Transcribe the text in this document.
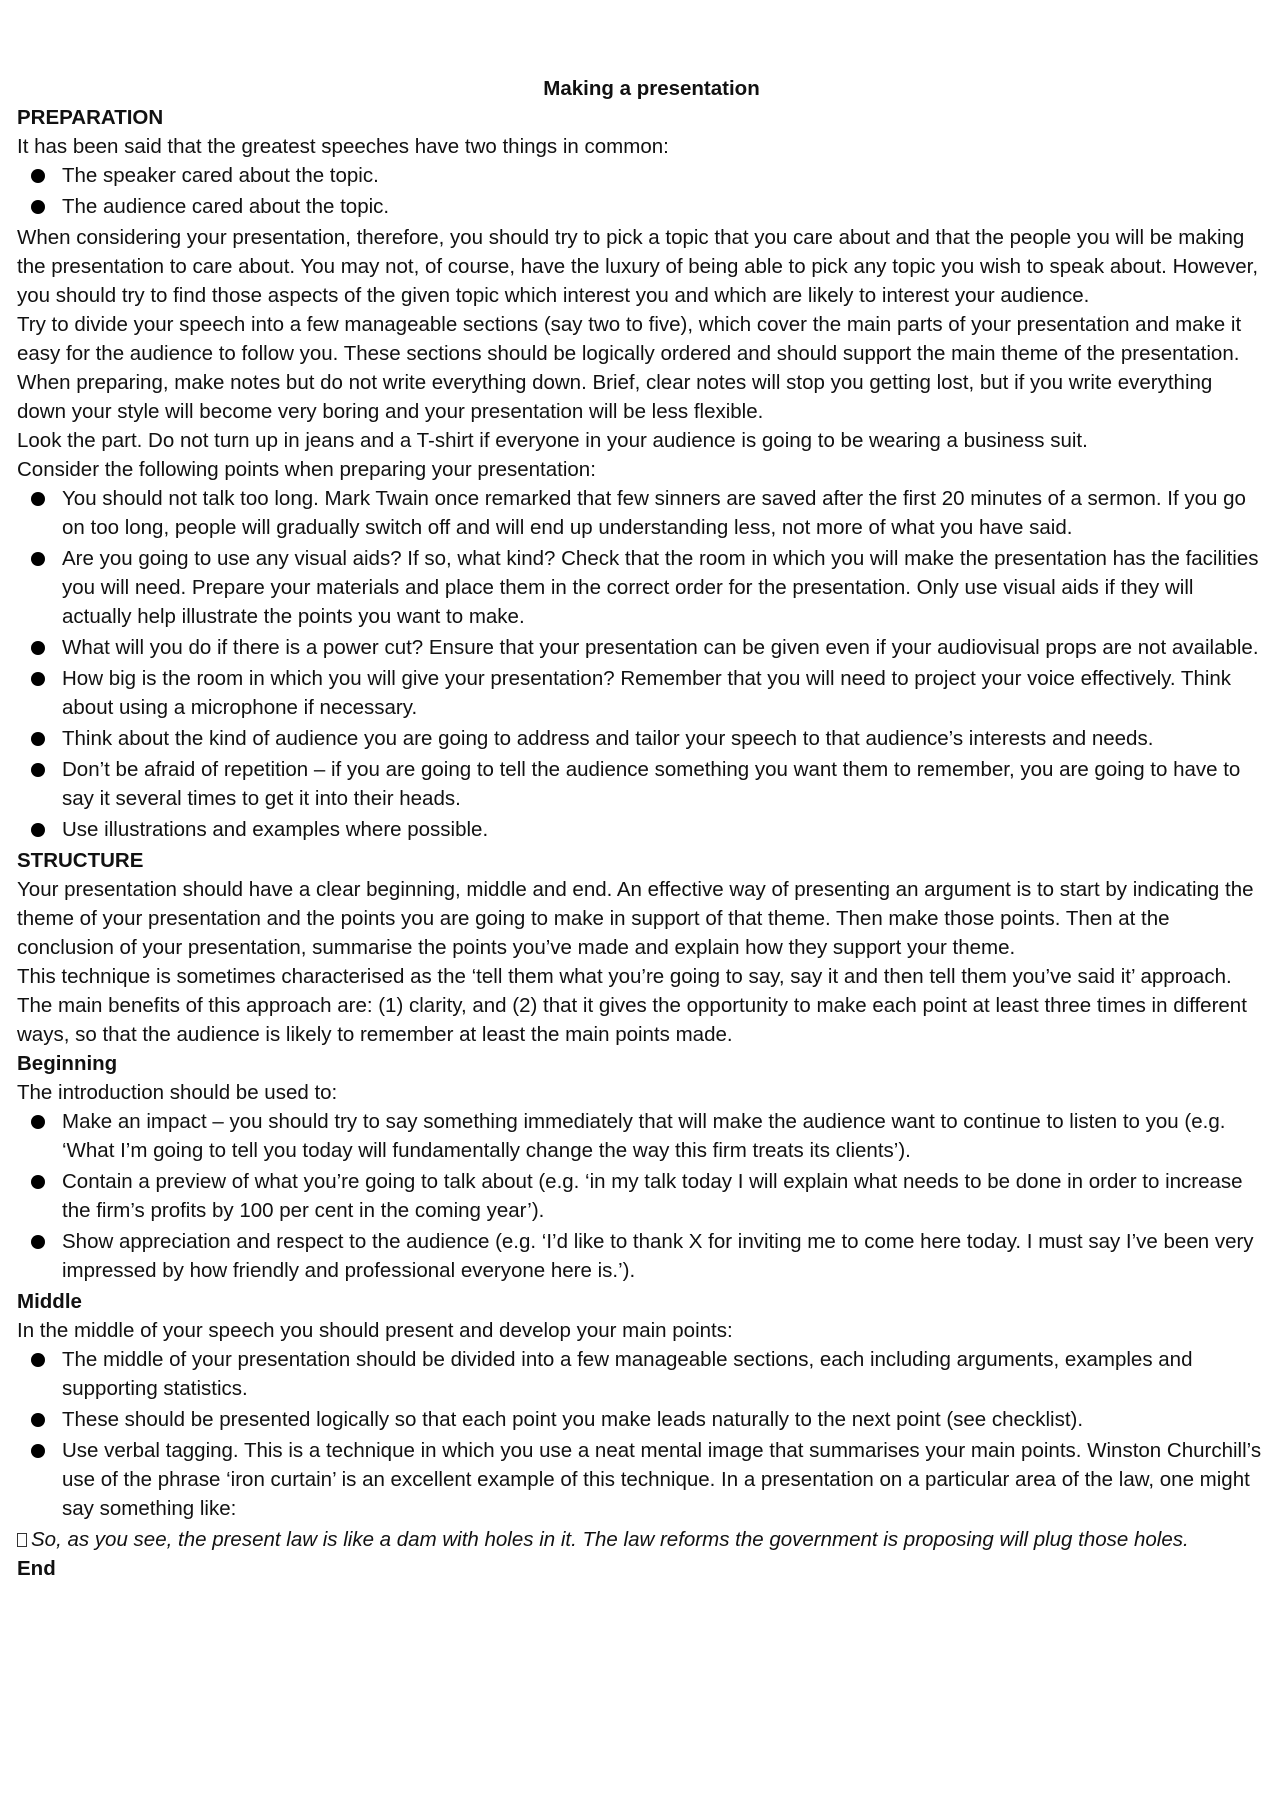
Making a presentation

PREPARATION

It has been said that the greatest speeches have two things in common:

The speaker cared about the topic.
The audience cared about the topic.

When considering your presentation, therefore, you should try to pick a topic that you care about and that the people you will be making the presentation to care about. You may not, of course, have the luxury of being able to pick any topic you wish to speak about. However, you should try to find those aspects of the given topic which interest you and which are likely to interest your audience.

Try to divide your speech into a few manageable sections (say two to five), which cover the main parts of your presentation and make it easy for the audience to follow you. These sections should be logically ordered and should support the main theme of the presentation.

When preparing, make notes but do not write everything down. Brief, clear notes will stop you getting lost, but if you write everything down your style will become very boring and your presentation will be less flexible.

Look the part. Do not turn up in jeans and a T-shirt if everyone in your audience is going to be wearing a business suit.

Consider the following points when preparing your presentation:

You should not talk too long. Mark Twain once remarked that few sinners are saved after the first 20 minutes of a sermon. If you go on too long, people will gradually switch off and will end up understanding less, not more of what you have said.
Are you going to use any visual aids? If so, what kind? Check that the room in which you will make the presentation has the facilities you will need. Prepare your materials and place them in the correct order for the presentation. Only use visual aids if they will actually help illustrate the points you want to make.
What will you do if there is a power cut? Ensure that your presentation can be given even if your audiovisual props are not available.
How big is the room in which you will give your presentation? Remember that you will need to project your voice effectively. Think about using a microphone if necessary.
Think about the kind of audience you are going to address and tailor your speech to that audience’s interests and needs.
Don’t be afraid of repetition – if you are going to tell the audience something you want them to remember, you are going to have to say it several times to get it into their heads.
Use illustrations and examples where possible.

STRUCTURE

Your presentation should have a clear beginning, middle and end. An effective way of presenting an argument is to start by indicating the theme of your presentation and the points you are going to make in support of that theme. Then make those points. Then at the conclusion of your presentation, summarise the points you’ve made and explain how they support your theme.

This technique is sometimes characterised as the ‘tell them what you’re going to say, say it and then tell them you’ve said it’ approach. The main benefits of this approach are: (1) clarity, and (2) that it gives the opportunity to make each point at least three times in different ways, so that the audience is likely to remember at least the main points made.

Beginning

The introduction should be used to:

Make an impact – you should try to say something immediately that will make the audience want to continue to listen to you (e.g. ‘What I’m going to tell you today will fundamentally change the way this firm treats its clients’).
Contain a preview of what you’re going to talk about (e.g. ‘in my talk today I will explain what needs to be done in order to increase the firm’s profits by 100 per cent in the coming year’).
Show appreciation and respect to the audience (e.g. ‘I’d like to thank X for inviting me to come here today. I must say I’ve been very impressed by how friendly and professional everyone here is.’).

Middle

In the middle of your speech you should present and develop your main points:

The middle of your presentation should be divided into a few manageable sections, each including arguments, examples and supporting statistics.
These should be presented logically so that each point you make leads naturally to the next point (see checklist).
Use verbal tagging. This is a technique in which you use a neat mental image that summarises your main points. Winston Churchill’s use of the phrase ‘iron curtain’ is an excellent example of this technique. In a presentation on a particular area of the law, one might say something like:

So, as you see, the present law is like a dam with holes in it. The law reforms the government is proposing will plug those holes.

End
